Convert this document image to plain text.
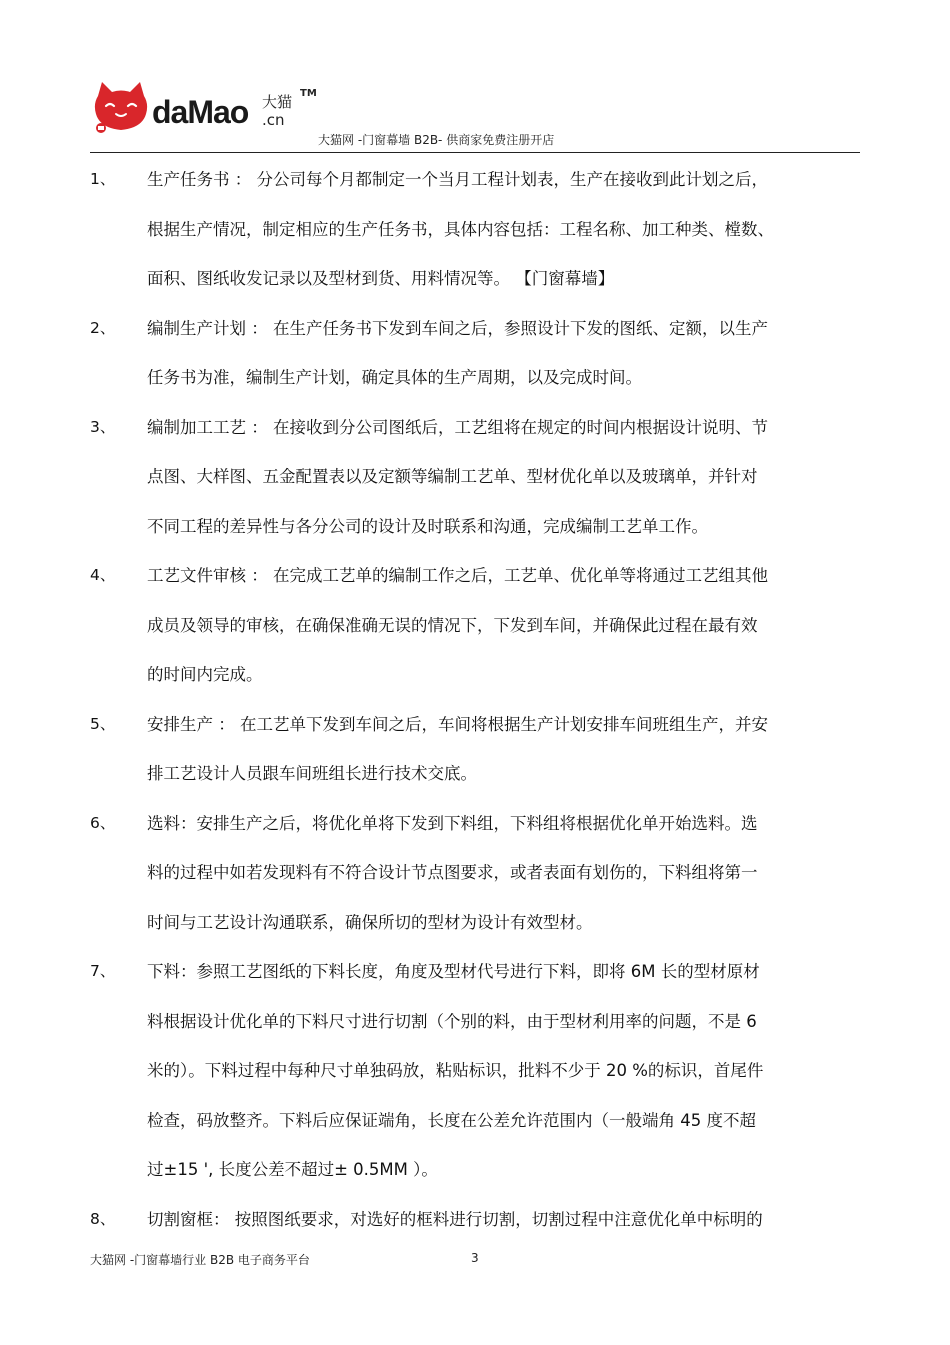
daMao 大猫
.cn
TM
大猫网 -门窗幕墙 B2B- 供商家免费注册开店
1、	生产任务书 ： 分公司每个月都制定一个当月工程计划表，生产在接收到此计划之后，
根据生产情况，制定相应的生产任务书，具体内容包括：工程名称、加工种类、樘数、
面积、图纸收发记录以及型材到货、用料情况等。 【门窗幕墙】
2、	编制生产计划 ： 在生产任务书下发到车间之后，参照设计下发的图纸、定额，以生产
任务书为准，编制生产计划，确定具体的生产周期，以及完成时间。
3、	编制加工工艺 ： 在接收到分公司图纸后，工艺组将在规定的时间内根据设计说明、节
点图、大样图、五金配置表以及定额等编制工艺单、型材优化单以及玻璃单，并针对
不同工程的差异性与各分公司的设计及时联系和沟通，完成编制工艺单工作。
4、	工艺文件审核 ： 在完成工艺单的编制工作之后，工艺单、优化单等将通过工艺组其他
成员及领导的审核，在确保准确无误的情况下，下发到车间，并确保此过程在最有效
的时间内完成。
5、	安排生产 ： 在工艺单下发到车间之后，车间将根据生产计划安排车间班组生产，并安
排工艺设计人员跟车间班组长进行技术交底。
6、	选料：安排生产之后，将优化单将下发到下料组，下料组将根据优化单开始选料。选
料的过程中如若发现料有不符合设计节点图要求，或者表面有划伤的，下料组将第一
时间与工艺设计沟通联系，确保所切的型材为设计有效型材。
7、	下料：参照工艺图纸的下料长度，角度及型材代号进行下料，即将 6M 长的型材原材
料根据设计优化单的下料尺寸进行切割（个别的料，由于型材利用率的问题，不是 6
米的）。下料过程中每种尺寸单独码放，粘贴标识，批料不少于 20 %的标识，首尾件
检查，码放整齐。下料后应保证端角，长度在公差允许范围内（一般端角 45 度不超
过±15 ', 长度公差不超过± 0.5MM ）。
8、	切割窗框： 按照图纸要求，对选好的框料进行切割，切割过程中注意优化单中标明的
大猫网 -门窗幕墙行业 B2B 电子商务平台	3
